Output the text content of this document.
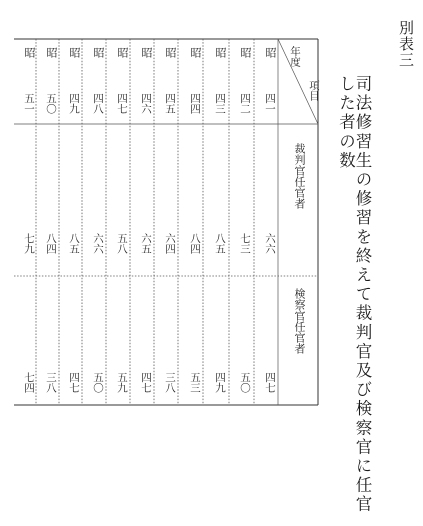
別表三
司法修習生の修習を終えて裁判官及び検察官に任官した者の数
年度
項目
裁判官任官者
検察官任官者
昭
四一
六六
四七
昭
四二
七三
五〇
昭
四三
八五
四九
昭
四四
八四
五三
昭
四五
六四
三八
昭
四六
六五
四七
昭
四七
五八
五九
昭
四八
六六
五〇
昭
四九
八五
四七
昭
五〇
八四
三八
昭
五一
七九
七四
